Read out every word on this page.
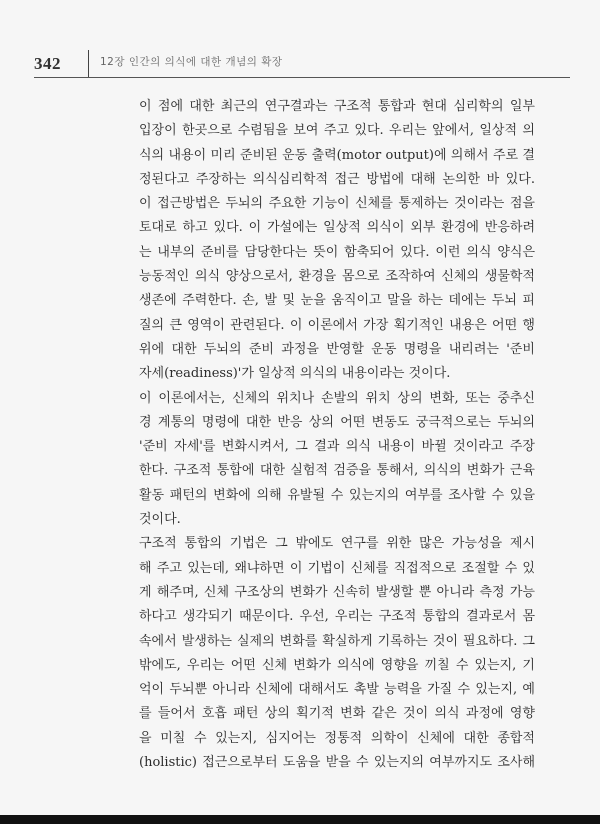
342	12장 인간의 의식에 대한 개념의 확장
이 점에 대한 최근의 연구결과는 구조적 통합과 현대 심리학의 일부
입장이 한곳으로 수렴됨을 보여 주고 있다. 우리는 앞에서, 일상적 의
식의 내용이 미리 준비된 운동 출력(motor output)에 의해서 주로 결
정된다고 주장하는 의식심리학적 접근 방법에 대해 논의한 바 있다.
이 접근방법은 두뇌의 주요한 기능이 신체를 통제하는 것이라는 점을
토대로 하고 있다. 이 가설에는 일상적 의식이 외부 환경에 반응하려
는 내부의 준비를 담당한다는 뜻이 함축되어 있다. 이런 의식 양식은
능동적인 의식 양상으로서, 환경을 몸으로 조작하여 신체의 생물학적
생존에 주력한다. 손, 발 및 눈을 움직이고 말을 하는 데에는 두뇌 피
질의 큰 영역이 관련된다. 이 이론에서 가장 획기적인 내용은 어떤 행
위에 대한 두뇌의 준비 과정을 반영할 운동 명령을 내리려는 '준비
자세(readiness)'가 일상적 의식의 내용이라는 것이다.
이 이론에서는, 신체의 위치나 손발의 위치 상의 변화, 또는 중추신
경 계통의 명령에 대한 반응 상의 어떤 변동도 궁극적으로는 두뇌의
'준비 자세'를 변화시켜서, 그 결과 의식 내용이 바뀔 것이라고 주장
한다. 구조적 통합에 대한 실험적 검증을 통해서, 의식의 변화가 근육
활동 패턴의 변화에 의해 유발될 수 있는지의 여부를 조사할 수 있을
것이다.
구조적 통합의 기법은 그 밖에도 연구를 위한 많은 가능성을 제시
해 주고 있는데, 왜냐하면 이 기법이 신체를 직접적으로 조절할 수 있
게 해주며, 신체 구조상의 변화가 신속히 발생할 뿐 아니라 측정 가능
하다고 생각되기 때문이다. 우선, 우리는 구조적 통합의 결과로서 몸
속에서 발생하는 실제의 변화를 확실하게 기록하는 것이 필요하다. 그
밖에도, 우리는 어떤 신체 변화가 의식에 영향을 끼칠 수 있는지, 기
억이 두뇌뿐 아니라 신체에 대해서도 촉발 능력을 가질 수 있는지, 예
를 들어서 호흡 패턴 상의 획기적 변화 같은 것이 의식 과정에 영향
을 미칠 수 있는지, 심지어는 정통적 의학이 신체에 대한 종합적
(holistic) 접근으로부터 도움을 받을 수 있는지의 여부까지도 조사해
